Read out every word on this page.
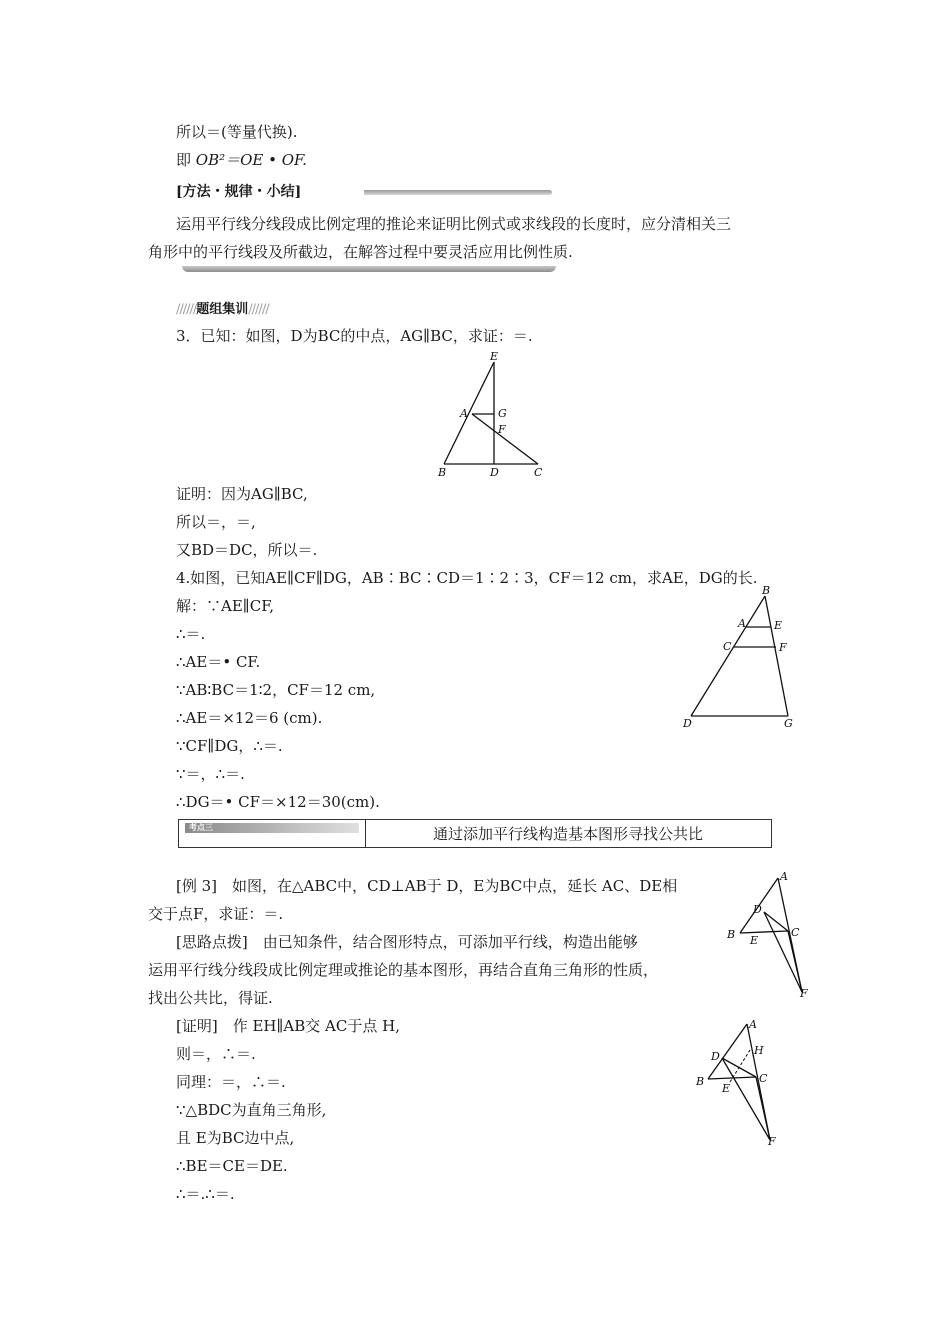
所以＝(等量代换).
即 OB²＝OE • OF.
[方法・规律・小结]
运用平行线分线段成比例定理的推论来证明比例式或求线段的长度时，应分清相关三
角形中的平行线段及所截边，在解答过程中要灵活应用比例性质.
//////题组集训//////
3．已知：如图，D为BC的中点，AG∥BC，求证：＝.
E
A	G
F
B	D	C
证明：因为AG∥BC,
所以＝，＝,
又BD＝DC，所以＝.
4.如图，已知AE∥CF∥DG，AB∶BC∶CD＝1∶2∶3，CF＝12 cm，求AE，DG的长.
B
A	E
C	F
D	G
解：∵AE∥CF,
∴＝.
∴AE＝• CF.
∵AB∶BC＝1∶2，CF＝12 cm,
∴AE＝×12＝6 (cm).
∵CF∥DG，∴＝.
∵＝，∴＝.
∴DG＝• CF＝×12＝30(cm).
考点三	通过添加平行线构造基本图形寻找公共比
[例 3]　如图，在△ABC中，CD⊥AB于 D，E为BC中点，延长 AC、DE相
交于点F，求证：＝.
A
D
B E
C
F
[思路点拨]　由已知条件，结合图形特点，可添加平行线，构造出能够
运用平行线分线段成比例定理或推论的基本图形，再结合直角三角形的性质，
找出公共比，得证.
[证明]　作 EH∥AB交 AC于点 H,	A
H
D
B	C
E
F
则＝，∴＝.
同理：＝，∴＝.
∵△BDC为直角三角形,
且 E为BC边中点,
∴BE＝CE＝DE.
∴＝.∴＝.
